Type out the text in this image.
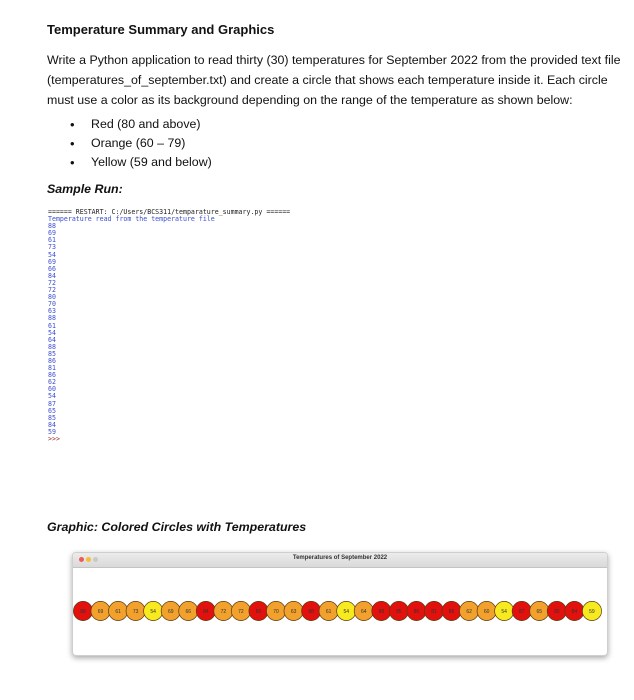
Temperature Summary and Graphics
Write a Python application to read thirty (30) temperatures for September 2022 from the provided text file (temperatures_of_september.txt) and create a circle that shows each temperature inside it. Each circle must use a color as its background depending on the range of the temperature as shown below:
• Red (80 and above)
• Orange (60 – 79)
• Yellow (59 and below)
Sample Run:
====== RESTART: C:/Users/BCS311/temparature_summary.py ======
Temperature read from the temperature file
88
69
61
73
54
69
66
84
72
72
80
70
63
88
61
54
64
88
85
86
81
86
62
60
54
87
65
85
84
59
>>>
Graphic: Colored Circles with Temperatures
Temperatures of September 2022
88 69 61 73 54 69 66 84 72 72 80 70 63 88 61 54 64 88 85 86 81 86 62 60 54 87 65 85 84 59
